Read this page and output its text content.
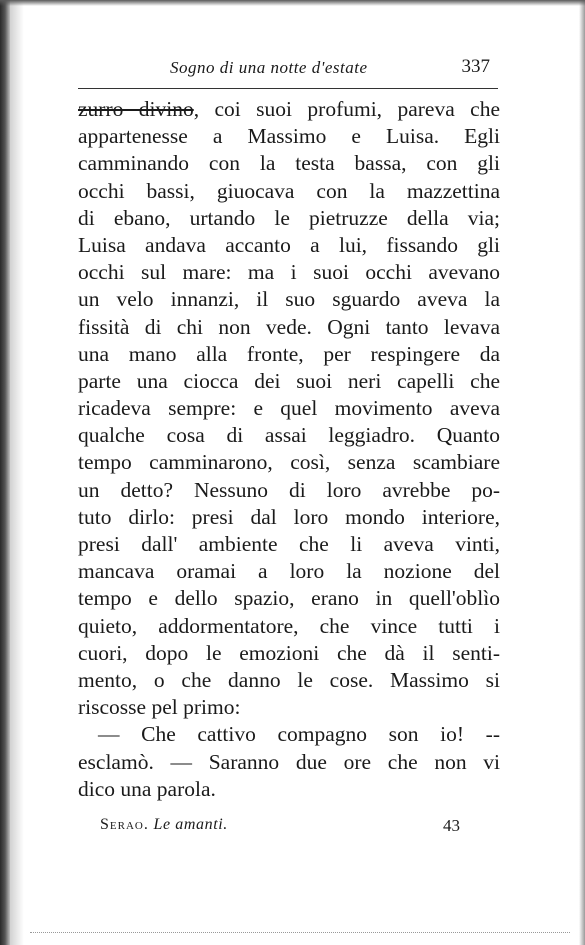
Sogno di una notte d'estate	337
zurro divino, coi suoi profumi, pareva che
appartenesse a Massimo e Luisa. Egli
camminando con la testa bassa, con gli
occhi bassi, giuocava con la mazzettina
di ebano, urtando le pietruzze della via;
Luisa andava accanto a lui, fissando gli
occhi sul mare: ma i suoi occhi avevano
un velo innanzi, il suo sguardo aveva la
fissità di chi non vede. Ogni tanto levava
una mano alla fronte, per respingere da
parte una ciocca dei suoi neri capelli che
ricadeva sempre: e quel movimento aveva
qualche cosa di assai leggiadro. Quanto
tempo camminarono, così, senza scambiare
un detto? Nessuno di loro avrebbe po-
tuto dirlo: presi dal loro mondo interiore,
presi dall' ambiente che li aveva vinti,
mancava oramai a loro la nozione del
tempo e dello spazio, erano in quell'oblìo
quieto, addormentatore, che vince tutti i
cuori, dopo le emozioni che dà il senti-
mento, o che danno le cose. Massimo si
riscosse pel primo:
— Che cattivo compagno son io! --
esclamò. — Saranno due ore che non vi
dico una parola.
Serao. Le amanti.	43
